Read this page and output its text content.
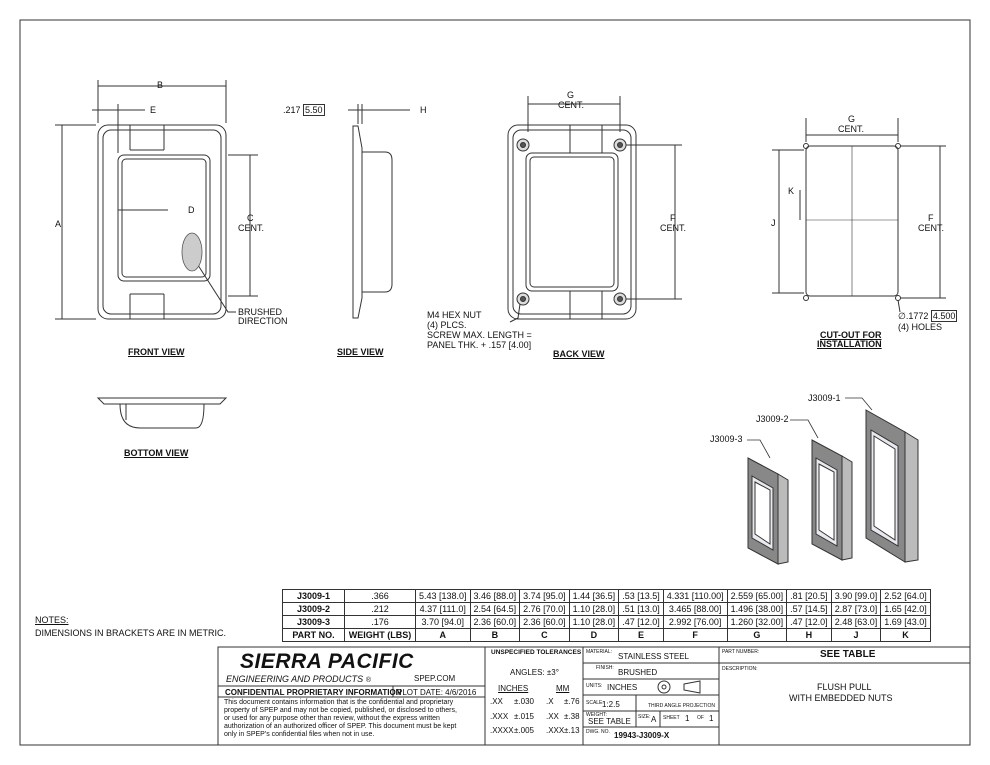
FRONT VIEW	SIDE VIEW	BACK VIEW
BOTTOM VIEW
CUT-OUT FOR
INSTALLATION
B
E
A
D
C
CENT.
BRUSHED
DIRECTION
.217 5.50	H
G
CENT.
F
CENT.
M4 HEX NUT
(4) PLCS.
SCREW MAX. LENGTH =
PANEL THK. + .157 [4.00]
G
CENT.
K
J	F
CENT.
∅.1772 4.500
(4) HOLES
J3009-1
J3009-2
J3009-3
NOTES:
DIMENSIONS IN BRACKETS ARE IN METRIC.
J3009-1	.366	5.43 [138.0]	3.46 [88.0]	3.74 [95.0]	1.44 [36.5]	.53 [13.5]	4.331 [110.00]	2.559 [65.00]	.81 [20.5]	3.90 [99.0]	2.52 [64.0]
J3009-2	.212	4.37 [111.0]	2.54 [64.5]	2.76 [70.0]	1.10 [28.0]	.51 [13.0]	3.465 [88.00]	1.496 [38.00]	.57 [14.5]	2.87 [73.0]	1.65 [42.0]
J3009-3	.176	3.70 [94.0]	2.36 [60.0]	2.36 [60.0]	1.10 [28.0]	.47 [12.0]	2.992 [76.00]	1.260 [32.00]	.47 [12.0]	2.48 [63.0]	1.69 [43.0]
PART NO.	WEIGHT (LBS)	A	B	C	D	E	F	G	H	J	K
SIERRA PACIFIC
ENGINEERING AND PRODUCTS ®	SPEP.COM
CONFIDENTIAL PROPRIETARY INFORMATION
PLOT DATE: 4/6/2016
This document contains information that is the confidential and proprietary
property of SPEP and may not be copied, published, or disclosed to others,
or used for any purpose other than review, without the express written
authorization of an authorized officer of SPEP. This document must be kept
only in SPEP's confidential files when not in use.
UNSPECIFIED TOLERANCES
ANGLES: ±3°
INCHES	MM
.XX ±.030 .X ±.76
.XXX ±.015 .XX ±.38
.XXXX±.005 .XXX±.13
MATERIAL: STAINLESS STEEL
FINISH: BRUSHED
UNITS: INCHES
SCALE:
1:2.5	THIRD ANGLE PROJECTION
WEIGHT:
SEE TABLE SIZE: A SHEET 1 OF 1
DWG. NO. 19943-J3009-X
PART NUMBER:	SEE TABLE
DESCRIPTION:
FLUSH PULL
WITH EMBEDDED NUTS
